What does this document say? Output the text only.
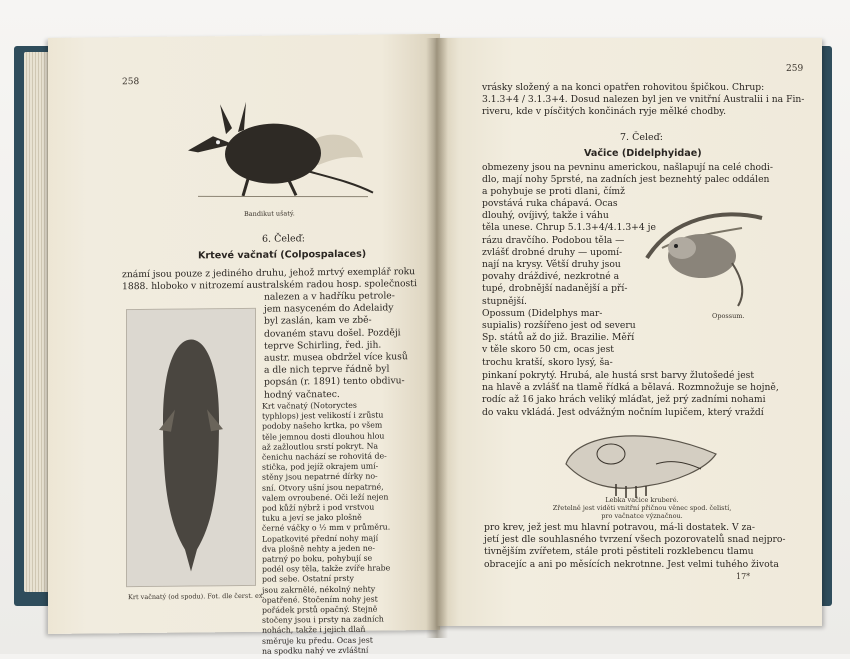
258
Bandikut ušatý.
6. Čeleď:
Krtevé vačnatí (Colpospalaces)
známí jsou pouze z jediného druhu, jehož mrtvý exemplář roku
1888. hloboko v nitrozemí australském radou hosp. společnosti
Krt vačnatý (od spodu). Fot. dle čerst. ex.
nalezen a v hadříku petrole-
jem nasyceném do Adelaidy
byl zaslán, kam ve zbě-
dovaném stavu došel. Později
teprve Schirling, řed. jih.
austr. musea obdržel více kusů
a dle nich teprve řádně byl
popsán (r. 1891) tento obdivu-
hodný vačnatec.
Krt vačnatý (Notoryctes
typhlops) jest velikostí i zrůstu
podoby našeho krtka, po všem
těle jemnou dosti dlouhou hlou
až zažloutlou srstí pokryt. Na
čenichu nachází se rohovitá de-
stička, pod jejíž okrajem umí-
stěny jsou nepatrné dírky no-
sní. Otvory ušní jsou nepatrné,
valem ovroubené. Oči leží nejen
pod kůží nýbrž i pod vrstvou
tuku a jeví se jako plošně
černé váčky o ½ mm v průměru.
Lopatkovité přední nohy mají
dva plošně nehty a jeden ne-
patrný po boku, pohybují se
podél osy těla, takže zvíře hrabe
pod sebe. Ostatní prsty
jsou zakrnělé, nékolný nehty
opatřené. Stočením nohy jest
pořádek prstů opačný. Stejně
stočeny jsou i prsty na zadních
nohách, takže i jejich dlaň
směruje ku předu. Ocas jest
na spodku nahý ve zvláštní
259
vrásky složený a na konci opatřen rohovitou špičkou. Chrup:
3.1.3+4 / 3.1.3+4. Dosud nalezen byl jen ve vnitřní Australii i na Fin-
riveru, kde v písčitých končinách ryje mělké chodby.
7. Čeleď:
Vačice (Didelphyidae)
obmezeny jsou na pevninu americkou, našlapují na celé chodi-
dlo, mají nohy 5prsté, na zadních jest beznehtý palec oddálen
a pohybuje se proti dlani, čímž
povstává ruka chápavá. Ocas
dlouhý, ovíjivý, takže i váhu
těla unese. Chrup 5.1.3+4/4.1.3+4 je
rázu dravčího. Podobou těla —
zvlášť drobné druhy — upomí-
nají na krysy. Větší druhy jsou
povahy dráždivé, nezkrotné a
tupé, drobnější nadanější a pří-
stupnější.
Opossum (Didelphys mar-
supialis) rozšířeno jest od severu
Sp. států až do již. Brazilie. Měří
v těle skoro 50 cm, ocas jest
trochu kratší, skoro lysý, ša-
Opossum.
pinkaní pokrytý. Hrubá, ale hustá srst barvy žlutošedé jest
na hlavě a zvlášť na tlamě řídká a bělavá. Rozmnožuje se hojně,
rodíc až 16 jako hrách veliký mláďat, jež prý zadními nohami
do vaku vkládá. Jest odvážným nočním lupičem, který vraždí
Lebka vačice kruberé.
Zřetelně jest viděti vnitřní přičnou věnec spod. čelistí,
pro vačnatce význačnou.
pro krev, jež jest mu hlavní potravou, má-li dostatek. V za-
jetí jest dle souhlasného tvrzení všech pozorovatelů snad nejpro-
tivnějším zvířetem, stále proti pěstiteli rozklebencu tlamu
obracejíc a ani po měsících nekrotnne. Jest velmi tuhého života
17*
